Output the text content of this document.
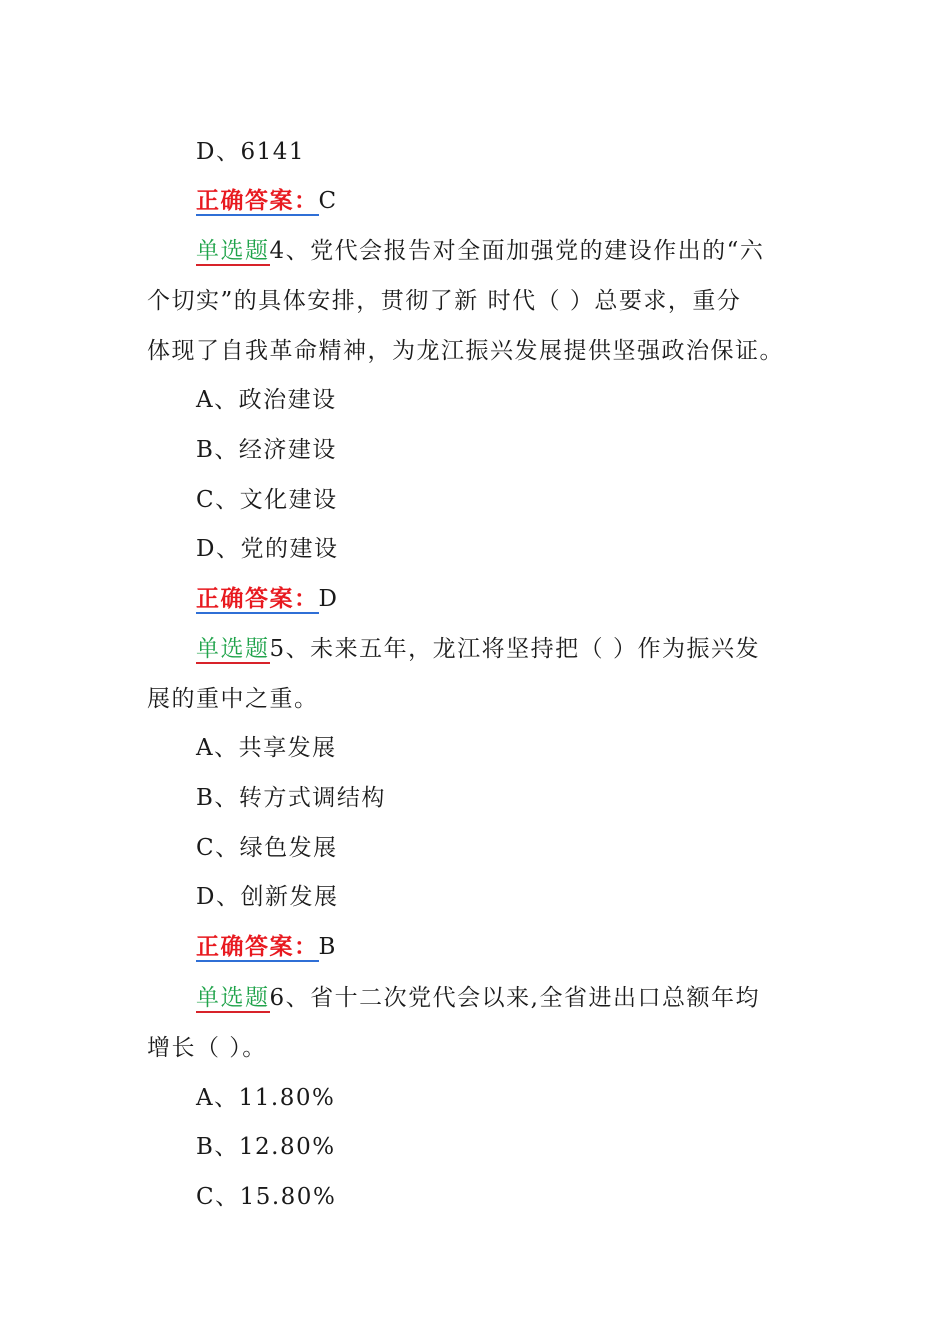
D、6141
正确答案：C
单选题4、党代会报告对全面加强党的建设作出的“六
个切实”的具体安排，贯彻了新 时代（ ）总要求，重分
体现了自我革命精神，为龙江振兴发展提供坚强政治保证。
A、政治建设
B、经济建设
C、文化建设
D、党的建设
正确答案：D
单选题5、未来五年，龙江将坚持把（ ）作为振兴发
展的重中之重。
A、共享发展
B、转方式调结构
C、绿色发展
D、创新发展
正确答案：B
单选题6、省十二次党代会以来,全省进出口总额年均
增长（ ）。
A、11.80%
B、12.80%
C、15.80%
